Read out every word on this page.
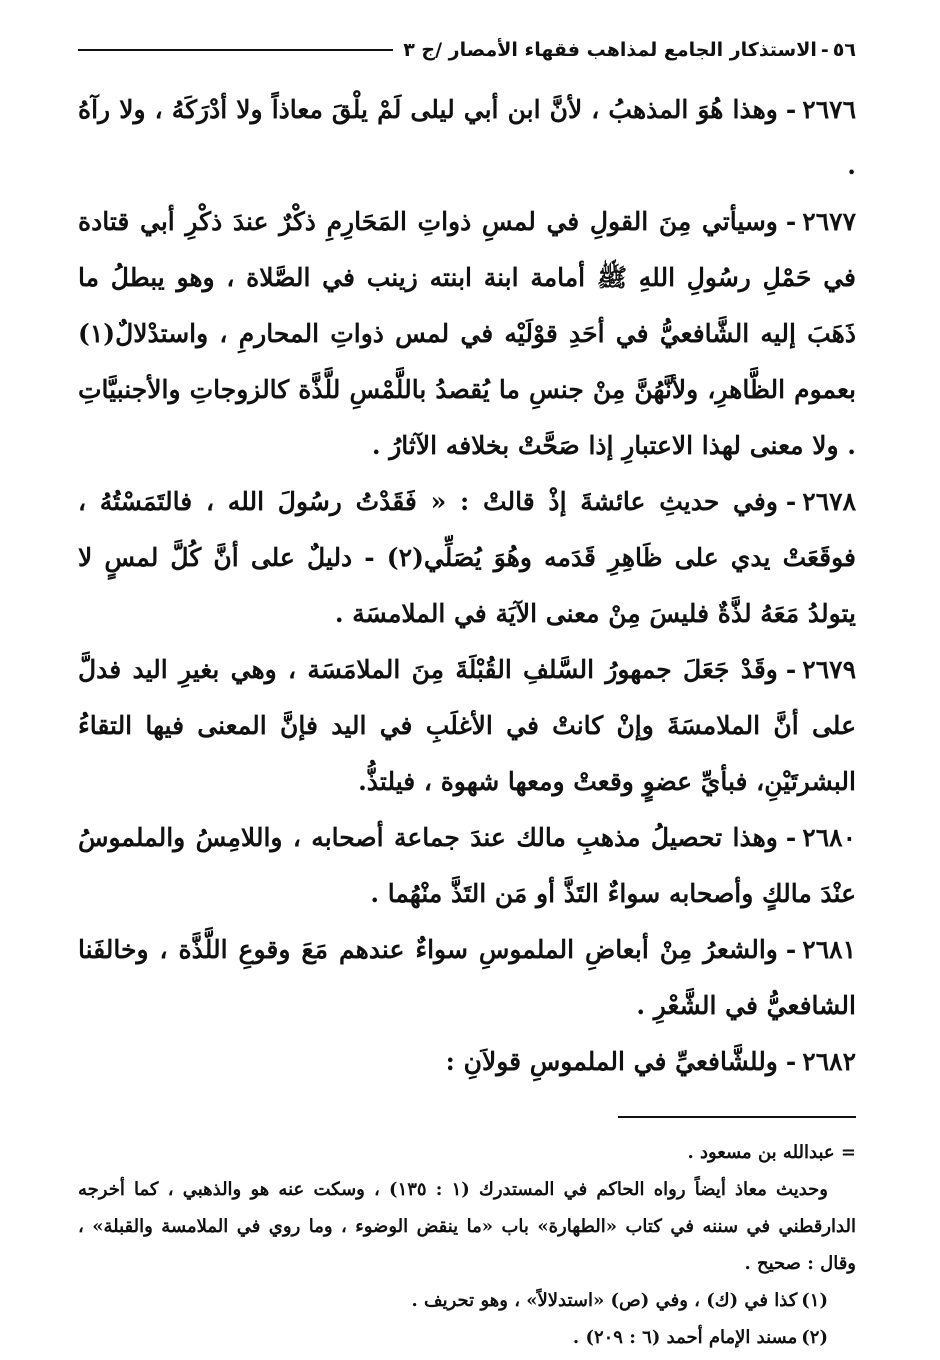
٥٦
-
الاستذكار الجامع لمذاهب فقهاء الأمصار /ج ٣

٢٦٧٦-وهذا هُوَ المذهبُ ، لأنَّ ابن أبي ليلى لَمْ يلْقَ معاذاً ولا أدْرَكَهُ ، ولا رآهُ .

٢٦٧٧-وسيأتي مِنَ القولِ في لمسِ ذواتِ المَحَارِمِ ذكْرٌ عندَ ذكْرِ أبي قتادة في حَمْلِ رسُولِ اللهِ ﷺ أمامة ابنة ابنته زينب في الصَّلاة ، وهو يبطلُ ما ذَهَبَ إليه الشَّافعيُّ في أحَدِ قوْلَيْه في لمس ذواتِ المحارمِ ، واستدْلالٌ(١) بعموم الظَّاهرِ، ولأنَّهُنَّ مِنْ جنسِ ما يُقصدُ باللَّمْسِ للَّذَّة كالزوجاتِ والأجنبيَّاتِ . ولا معنى لهذا الاعتبارِ إذا صَحَّتْ بخلافه الآثارُ .

٢٦٧٨-وفي حديثِ عائشةَ إذْ قالتْ : « فَقَدْتُ رسُولَ الله ، فالتَمَسْتُهُ ، فوقَعَتْ يدي على ظَاهِرِ قَدَمه وهُوَ يُصَلِّي(٢) - دليلٌ على أنَّ كُلَّ لمسٍ لا يتولدُ مَعَهُ لذَّةٌ فليسَ مِنْ معنى الآيَة في الملامسَة .

٢٦٧٩-وقَدْ جَعَلَ جمهورُ السَّلفِ القُبْلَةَ مِنَ الملامَسَة ، وهي بغيرِ اليد فدلَّ على أنَّ الملامسَةَ وإنْ كانتْ في الأغلَبِ في اليد فإنَّ المعنى فيها التقاءُ البشرتَيْنِ، فبأيِّ عضوٍ وقعتْ ومعها شهوة ، فيلتذُّ.

٢٦٨٠-وهذا تحصيلُ مذهبِ مالك عندَ جماعة أصحابه ، واللامِسُ والملموسُ عنْدَ مالكٍ وأصحابه سواءٌ التَذَّ أو مَن التَذَّ منْهُما .

٢٦٨١-والشعرُ مِنْ أبعاضِ الملموسِ سواءٌ عندهم مَعَ وقوعِ اللَّذَّة ، وخالفَنا الشافعيُّ في الشَّعْرِ .

٢٦٨٢-وللشَّافعيِّ في الملموسِ قولاَنِ :

= عبدالله بن مسعود .

وحديث معاذ أيضاً رواه الحاكم في المستدرك (١ : ١٣٥) ، وسكت عنه هو والذهبي ، كما أخرجه الدارقطني في سننه في كتاب «الطهارة» باب «ما ينقض الوضوء ، وما روي في الملامسة والقبلة» ، وقال : صحيح .

(١)كذا في (ك) ، وفي (ص) «استدلالاً» ، وهو تحريف .

(٢)مسند الإمام أحمد (٦ : ٢٠٩) .
